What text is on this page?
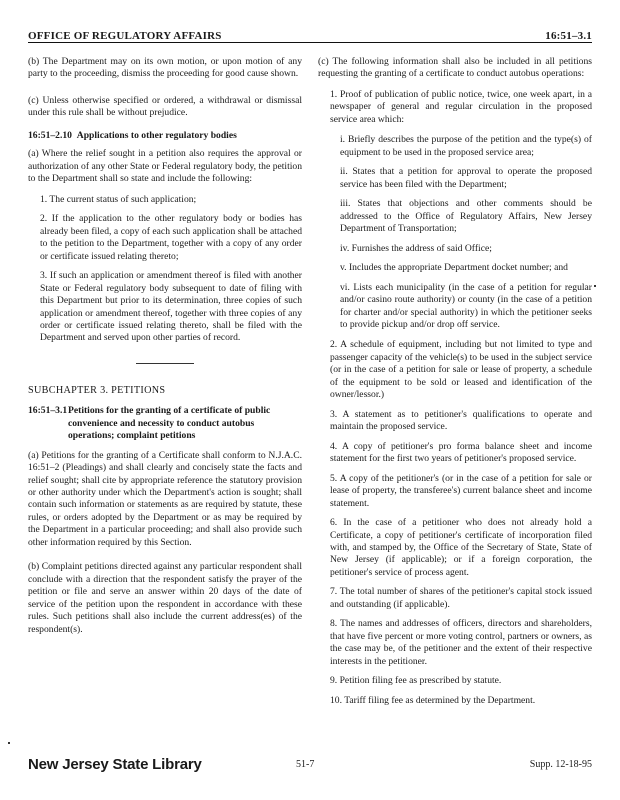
OFFICE OF REGULATORY AFFAIRS	16:51–3.1

(b) The Department may on its own motion, or upon motion of any party to the proceeding, dismiss the proceeding for good cause shown.

(c) Unless otherwise specified or ordered, a withdrawal or dismissal under this rule shall be without prejudice.

16:51–2.10 Applications to other regulatory bodies

(a) Where the relief sought in a petition also requires the approval or authorization of any other State or Federal regulatory body, the petition to the Department shall so state and include the following:

1. The current status of such application;
2. If the application to the other regulatory body or bodies has already been filed, a copy of each such application shall be attached to the petition to the Department, together with a copy of any order or certificate issued relating thereto;
3. If such an application or amendment thereof is filed with another State or Federal regulatory body subsequent to date of filing with this Department but prior to its determination, three copies of such application or amendment thereof, together with three copies of any order or certificate issued relating thereto, shall be filed with the Department and served upon other parties of record.
SUBCHAPTER 3. PETITIONS
16:51–3.1 Petitions for the granting of a certificate of public convenience and necessity to conduct autobus operations; complaint petitions

(a) Petitions for the granting of a Certificate shall conform to N.J.A.C. 16:51–2 (Pleadings) and shall clearly and concisely state the facts and relief sought; shall cite by appropriate reference the statutory provision or other authority under which the Department's action is sought; shall contain such information or statements as are required by statute, these rules, or orders adopted by the Department or as may be required by the Department in a particular proceeding; and shall also provide such other information required by this Section.

(b) Complaint petitions directed against any particular respondent shall conclude with a direction that the respondent satisfy the prayer of the petition or file and serve an answer within 20 days of the date of service of the petition upon the respondent in accordance with these rules. Such petitions shall also include the current address(es) of the respondent(s).

(c) The following information shall also be included in all petitions requesting the granting of a certificate to conduct autobus operations:

1. Proof of publication of public notice, twice, one week apart, in a newspaper of general and regular circulation in the proposed service area which:
i. Briefly describes the purpose of the petition and the type(s) of equipment to be used in the proposed service area;
ii. States that a petition for approval to operate the proposed service has been filed with the Department;
iii. States that objections and other comments should be addressed to the Office of Regulatory Affairs, New Jersey Department of Transportation;
iv. Furnishes the address of said Office;
v. Includes the appropriate Department docket number; and
vi. Lists each municipality (in the case of a petition for regular and/or casino route authority) or county (in the case of a petition for charter and/or special authority) in which the petitioner seeks to provide pickup and/or drop off service.
2. A schedule of equipment, including but not limited to type and passenger capacity of the vehicle(s) to be used in the subject service (or in the case of a petition for sale or lease of property, a schedule of the equipment to be sold or leased and identification of the owner/lessor.)
3. A statement as to petitioner's qualifications to operate and maintain the proposed service.
4. A copy of petitioner's pro forma balance sheet and income statement for the first two years of petitioner's proposed service.
5. A copy of the petitioner's (or in the case of a petition for sale or lease of property, the transferee's) current balance sheet and income statement.
6. In the case of a petitioner who does not already hold a Certificate, a copy of petitioner's certificate of incorporation filed with, and stamped by, the Office of the Secretary of State, State of New Jersey (if applicable); or if a foreign corporation, the petitioner's service of process agent.
7. The total number of shares of the petitioner's capital stock issued and outstanding (if applicable).
8. The names and addresses of officers, directors and shareholders, that have five percent or more voting control, partners or owners, as the case may be, of the petitioner and the extent of their respective interests in the petitioner.
9. Petition filing fee as prescribed by statute.
10. Tariff filing fee as determined by the Department.
New Jersey State Library	51-7	Supp. 12-18-95
